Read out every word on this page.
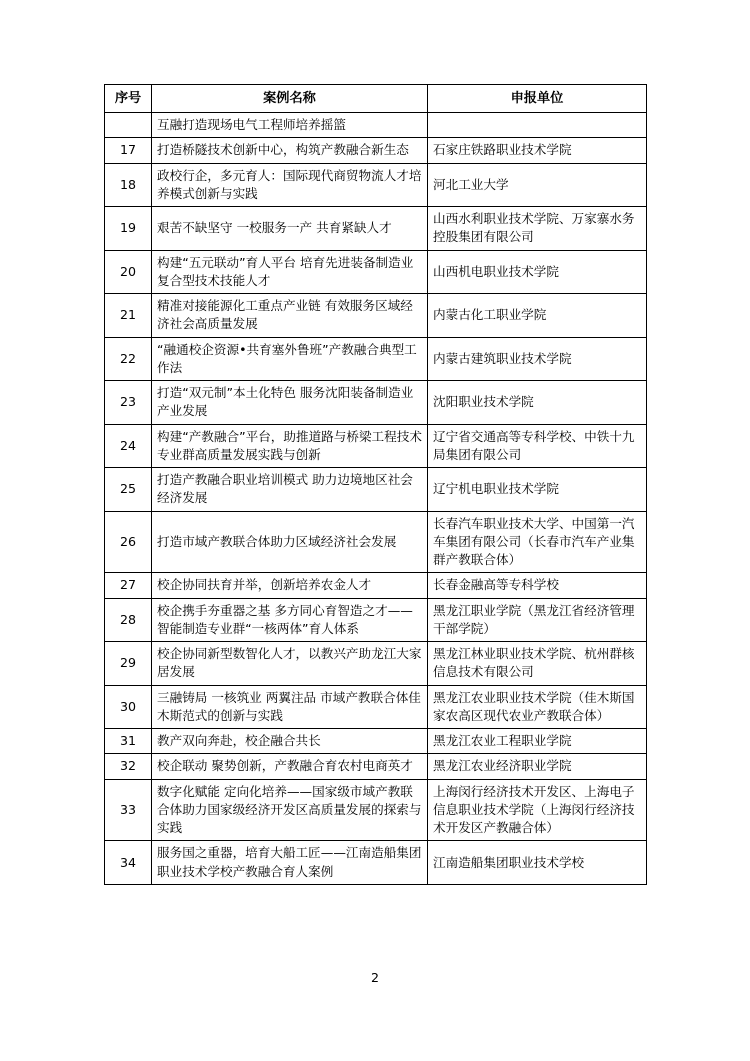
序号	案例名称	申报单位
	互融打造现场电气工程师培养摇篮	
17	打造桥隧技术创新中心，构筑产教融合新生态	石家庄铁路职业技术学院
18	政校行企，多元育人：国际现代商贸物流人才培养模式创新与实践	河北工业大学
19	艰苦不缺坚守 一校服务一产 共育紧缺人才	山西水利职业技术学院、万家寨水务控股集团有限公司
20	构建“五元联动”育人平台 培育先进装备制造业复合型技术技能人才	山西机电职业技术学院
21	精准对接能源化工重点产业链 有效服务区域经济社会高质量发展	内蒙古化工职业学院
22	“融通校企资源•共育塞外鲁班”产教融合典型工作法	内蒙古建筑职业技术学院
23	打造“双元制”本土化特色 服务沈阳装备制造业产业发展	沈阳职业技术学院
24	构建“产教融合”平台，助推道路与桥梁工程技术专业群高质量发展实践与创新	辽宁省交通高等专科学校、中铁十九局集团有限公司
25	打造产教融合职业培训模式 助力边境地区社会经济发展	辽宁机电职业技术学院
26	打造市域产教联合体助力区域经济社会发展	长春汽车职业技术大学、中国第一汽车集团有限公司（长春市汽车产业集群产教联合体）
27	校企协同扶育并举，创新培养农金人才	长春金融高等专科学校
28	校企携手夯重器之基 多方同心育智造之才——智能制造专业群“一核两体”育人体系	黑龙江职业学院（黑龙江省经济管理干部学院）
29	校企协同新型数智化人才，以教兴产助龙江大家居发展	黑龙江林业职业技术学院、杭州群核信息技术有限公司
30	三融铸局 一核筑业 两翼注品 市域产教联合体佳木斯范式的创新与实践	黑龙江农业职业技术学院（佳木斯国家农高区现代农业产教联合体）
31	教产双向奔赴，校企融合共长	黑龙江农业工程职业学院
32	校企联动 聚势创新，产教融合育农村电商英才	黑龙江农业经济职业学院
33	数字化赋能 定向化培养——国家级市域产教联合体助力国家级经济开发区高质量发展的探索与实践	上海闵行经济技术开发区、上海电子信息职业技术学院（上海闵行经济技术开发区产教融合体）
34	服务国之重器，培育大船工匠——江南造船集团职业技术学校产教融合育人案例	江南造船集团职业技术学校
2
